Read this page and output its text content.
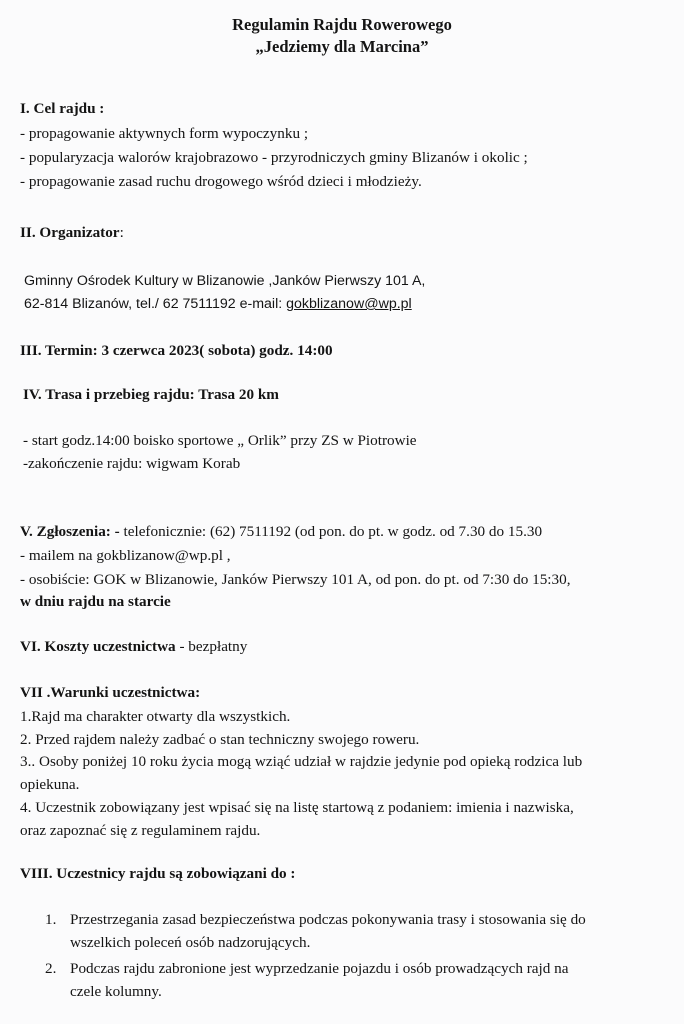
Regulamin Rajdu Rowerowego
„Jedziemy dla Marcina”
I. Cel rajdu :
- propagowanie aktywnych form wypoczynku ;
- popularyzacja walorów krajobrazowo - przyrodniczych gminy Blizanów i okolic ;
- propagowanie zasad ruchu drogowego wśród dzieci i młodzieży.
II. Organizator:
Gminny Ośrodek Kultury w Blizanowie ,Janków Pierwszy 101 A,
62-814 Blizanów, tel./ 62 7511192 e-mail: gokblizanow@wp.pl
III. Termin: 3 czerwca 2023( sobota) godz. 14:00
IV. Trasa i przebieg rajdu: Trasa 20 km
- start godz.14:00 boisko sportowe „ Orlik” przy ZS w Piotrowie
-zakończenie rajdu: wigwam Korab
V. Zgłoszenia: - telefonicznie: (62) 7511192 (od pon. do pt. w godz. od 7.30 do 15.30
- mailem na gokblizanow@wp.pl ,
- osobiście: GOK w Blizanowie, Janków Pierwszy 101 A, od pon. do pt. od 7:30 do 15:30,
w dniu rajdu na starcie
VI. Koszty uczestnictwa - bezpłatny
VII .Warunki uczestnictwa:
1.Rajd ma charakter otwarty dla wszystkich.
2. Przed rajdem należy zadbać o stan techniczny swojego roweru.
3.. Osoby poniżej 10 roku życia mogą wziąć udział w rajdzie jedynie pod opieką rodzica lub
opiekuna.
4. Uczestnik zobowiązany jest wpisać się na listę startową z podaniem: imienia i nazwiska,
oraz zapoznać się z regulaminem rajdu.
VIII. Uczestnicy rajdu są zobowiązani do :
1. Przestrzegania zasad bezpieczeństwa podczas pokonywania trasy i stosowania się do
wszelkich poleceń osób nadzorujących.
2. Podczas rajdu zabronione jest wyprzedzanie pojazdu i osób prowadzących rajd na
czele kolumny.
